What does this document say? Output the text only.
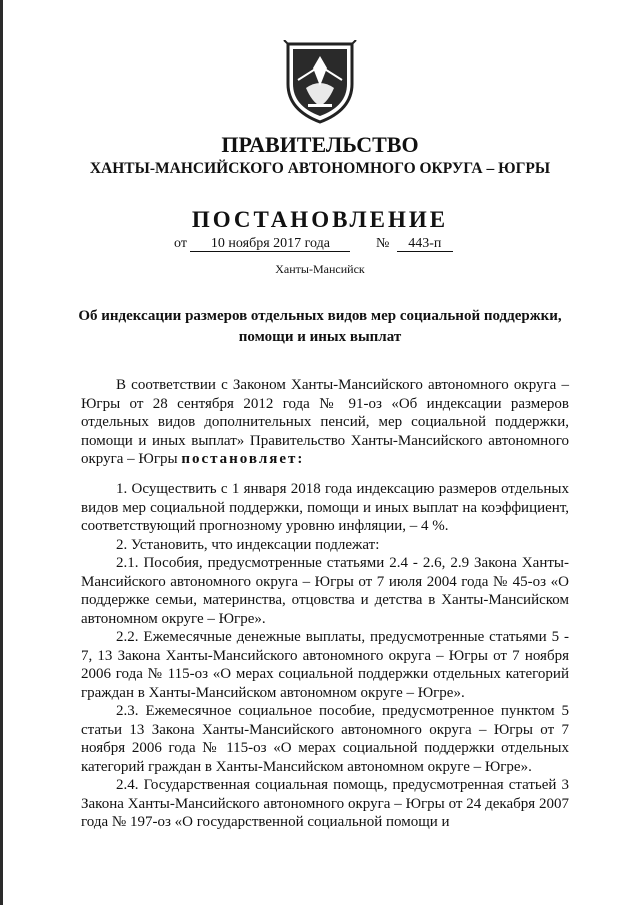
ПРАВИТЕЛЬСТВО
ХАНТЫ-МАНСИЙСКОГО АВТОНОМНОГО ОКРУГА – ЮГРЫ
ПОСТАНОВЛЕНИЕ
от 10 ноября 2017 года	№ 443-п
Ханты-Мансийск
Об индексации размеров отдельных видов мер социальной поддержки,
помощи и иных выплат

В соответствии с Законом Ханты-Мансийского автономного округа – Югры от 28 сентября 2012 года № 91-оз «Об индексации размеров отдельных видов дополнительных пенсий, мер социальной поддержки, помощи и иных выплат» Правительство Ханты-Мансийского автономного округа – Югры постановляет:

1. Осуществить с 1 января 2018 года индексацию размеров отдельных видов мер социальной поддержки, помощи и иных выплат на коэффициент, соответствующий прогнозному уровню инфляции, – 4 %.

2. Установить, что индексации подлежат:

2.1. Пособия, предусмотренные статьями 2.4 - 2.6, 2.9 Закона Ханты-Мансийского автономного округа – Югры от 7 июля 2004 года № 45-оз «О поддержке семьи, материнства, отцовства и детства в Ханты-Мансийском автономном округе – Югре».

2.2. Ежемесячные денежные выплаты, предусмотренные статьями 5 - 7, 13 Закона Ханты-Мансийского автономного округа – Югры от 7 ноября 2006 года № 115-оз «О мерах социальной поддержки отдельных категорий граждан в Ханты-Мансийском автономном округе – Югре».

2.3. Ежемесячное социальное пособие, предусмотренное пунктом 5 статьи 13 Закона Ханты-Мансийского автономного округа – Югры от 7 ноября 2006 года № 115-оз «О мерах социальной поддержки отдельных категорий граждан в Ханты-Мансийском автономном округе – Югре».

2.4. Государственная социальная помощь, предусмотренная статьей 3 Закона Ханты-Мансийского автономного округа – Югры от 24 декабря 2007 года № 197-оз «О государственной социальной помощи и
